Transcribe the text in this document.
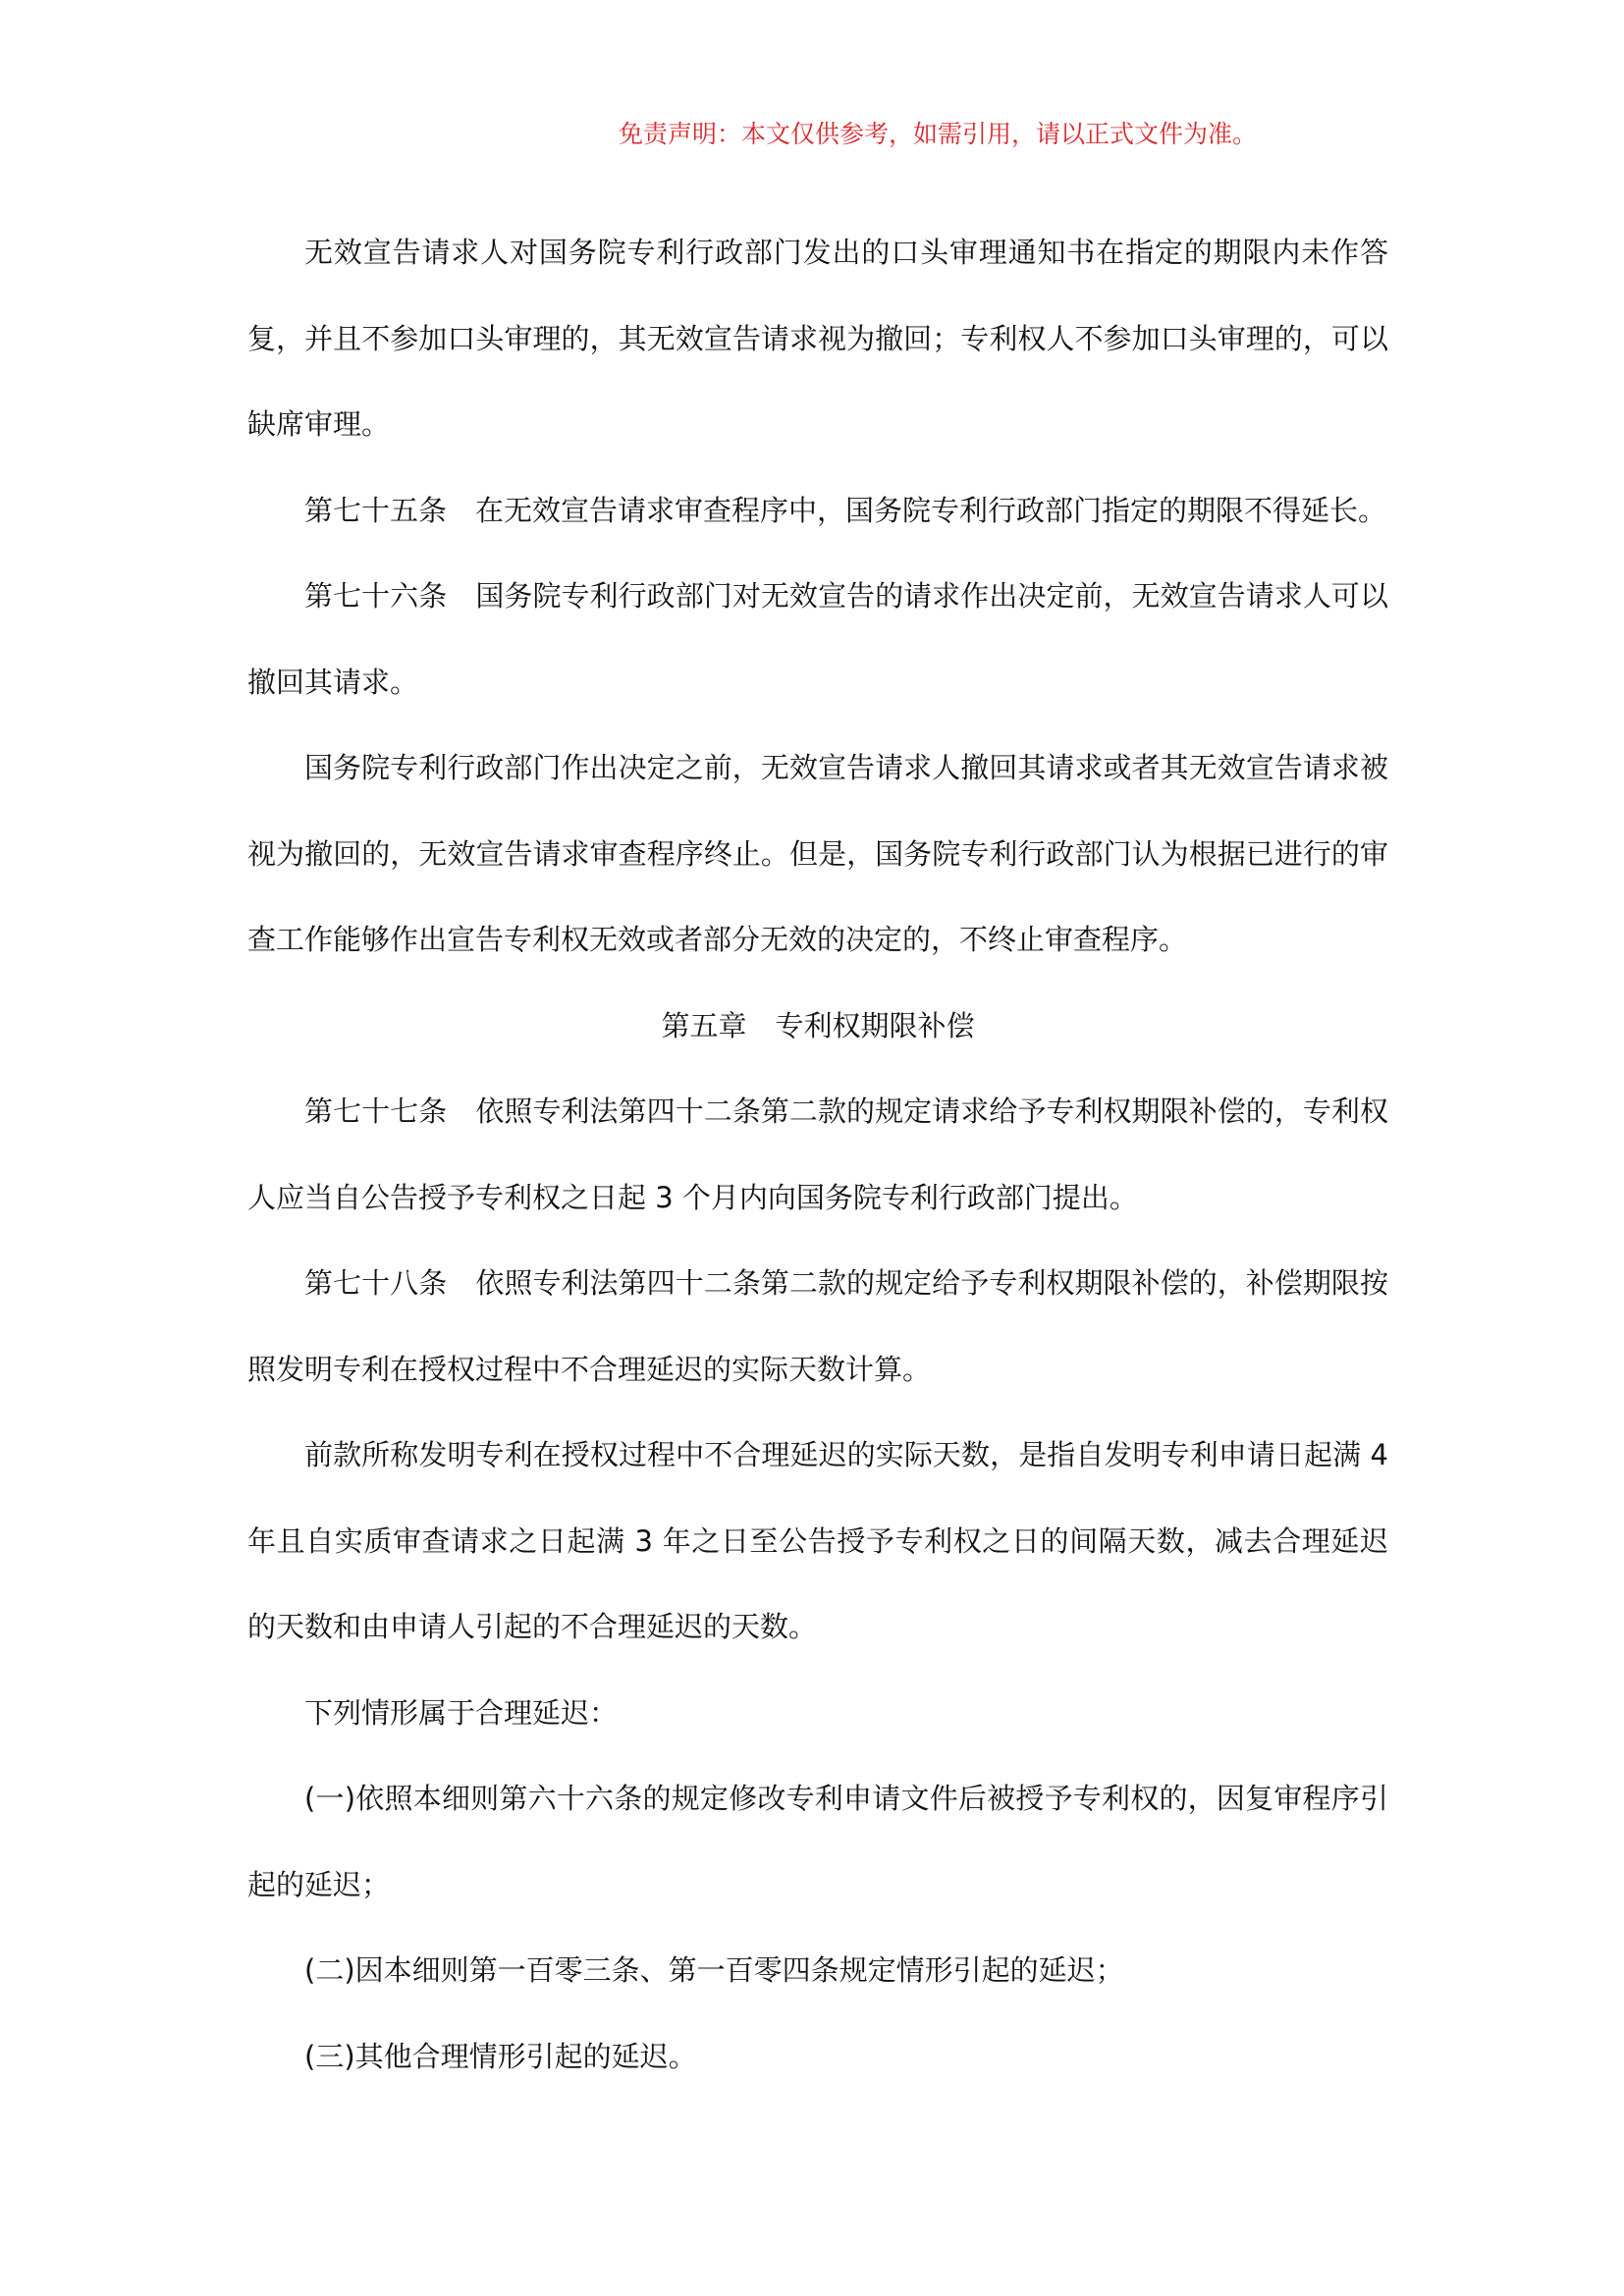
免责声明：本文仅供参考，如需引用，请以正式文件为准。

无效宣告请求人对国务院专利行政部门发出的口头审理通知书在指定的期限内未作答复，并且不参加口头审理的，其无效宣告请求视为撤回；专利权人不参加口头审理的，可以缺席审理。

第七十五条 在无效宣告请求审查程序中，国务院专利行政部门指定的期限不得延长。

第七十六条 国务院专利行政部门对无效宣告的请求作出决定前，无效宣告请求人可以撤回其请求。

国务院专利行政部门作出决定之前，无效宣告请求人撤回其请求或者其无效宣告请求被视为撤回的，无效宣告请求审查程序终止。但是，国务院专利行政部门认为根据已进行的审查工作能够作出宣告专利权无效或者部分无效的决定的，不终止审查程序。

第五章 专利权期限补偿

第七十七条 依照专利法第四十二条第二款的规定请求给予专利权期限补偿的，专利权人应当自公告授予专利权之日起 3 个月内向国务院专利行政部门提出。

第七十八条 依照专利法第四十二条第二款的规定给予专利权期限补偿的，补偿期限按照发明专利在授权过程中不合理延迟的实际天数计算。

前款所称发明专利在授权过程中不合理延迟的实际天数，是指自发明专利申请日起满 4 年且自实质审查请求之日起满 3 年之日至公告授予专利权之日的间隔天数，减去合理延迟的天数和由申请人引起的不合理延迟的天数。

下列情形属于合理延迟：

(一)依照本细则第六十六条的规定修改专利申请文件后被授予专利权的，因复审程序引起的延迟；

(二)因本细则第一百零三条、第一百零四条规定情形引起的延迟；

(三)其他合理情形引起的延迟。
